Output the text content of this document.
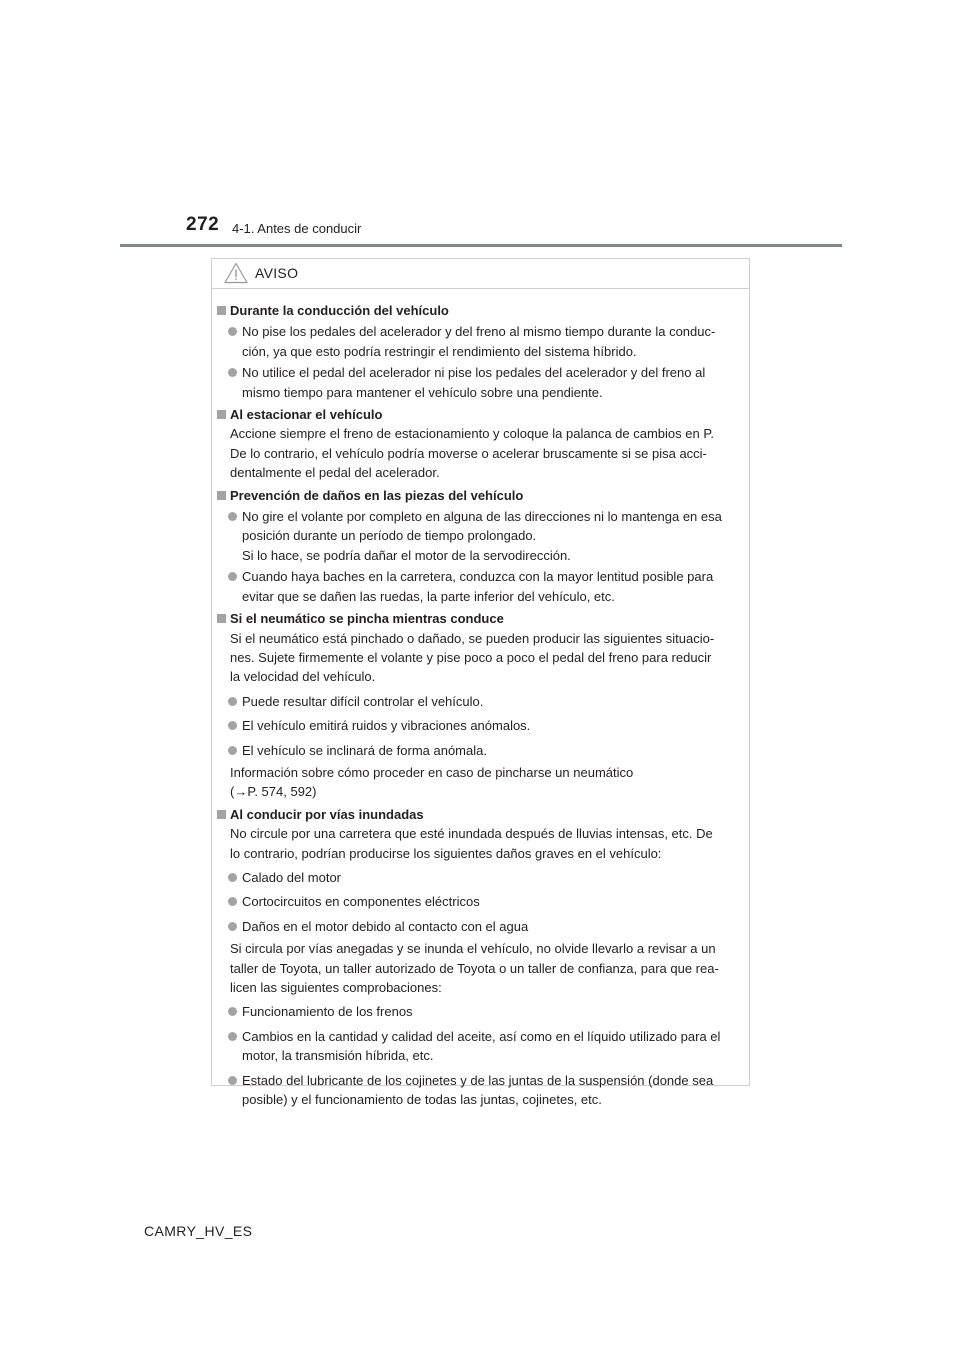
272 4-1. Antes de conducir
AVISO
Durante la conducción del vehículo
No pise los pedales del acelerador y del freno al mismo tiempo durante la conduc-
ción, ya que esto podría restringir el rendimiento del sistema híbrido.
No utilice el pedal del acelerador ni pise los pedales del acelerador y del freno al
mismo tiempo para mantener el vehículo sobre una pendiente.
Al estacionar el vehículo
Accione siempre el freno de estacionamiento y coloque la palanca de cambios en P.
De lo contrario, el vehículo podría moverse o acelerar bruscamente si se pisa acci-
dentalmente el pedal del acelerador.
Prevención de daños en las piezas del vehículo
No gire el volante por completo en alguna de las direcciones ni lo mantenga en esa
posición durante un período de tiempo prolongado.
Si lo hace, se podría dañar el motor de la servodirección.
Cuando haya baches en la carretera, conduzca con la mayor lentitud posible para
evitar que se dañen las ruedas, la parte inferior del vehículo, etc.
Si el neumático se pincha mientras conduce
Si el neumático está pinchado o dañado, se pueden producir las siguientes situacio-
nes. Sujete firmemente el volante y pise poco a poco el pedal del freno para reducir
la velocidad del vehículo.
Puede resultar difícil controlar el vehículo.
El vehículo emitirá ruidos y vibraciones anómalos.
El vehículo se inclinará de forma anómala.
Información sobre cómo proceder en caso de pincharse un neumático
(→P. 574, 592)
Al conducir por vías inundadas
No circule por una carretera que esté inundada después de lluvias intensas, etc. De
lo contrario, podrían producirse los siguientes daños graves en el vehículo:
Calado del motor
Cortocircuitos en componentes eléctricos
Daños en el motor debido al contacto con el agua
Si circula por vías anegadas y se inunda el vehículo, no olvide llevarlo a revisar a un
taller de Toyota, un taller autorizado de Toyota o un taller de confianza, para que rea-
licen las siguientes comprobaciones:
Funcionamiento de los frenos
Cambios en la cantidad y calidad del aceite, así como en el líquido utilizado para el
motor, la transmisión híbrida, etc.
Estado del lubricante de los cojinetes y de las juntas de la suspensión (donde sea
posible) y el funcionamiento de todas las juntas, cojinetes, etc.
CAMRY_HV_ES
